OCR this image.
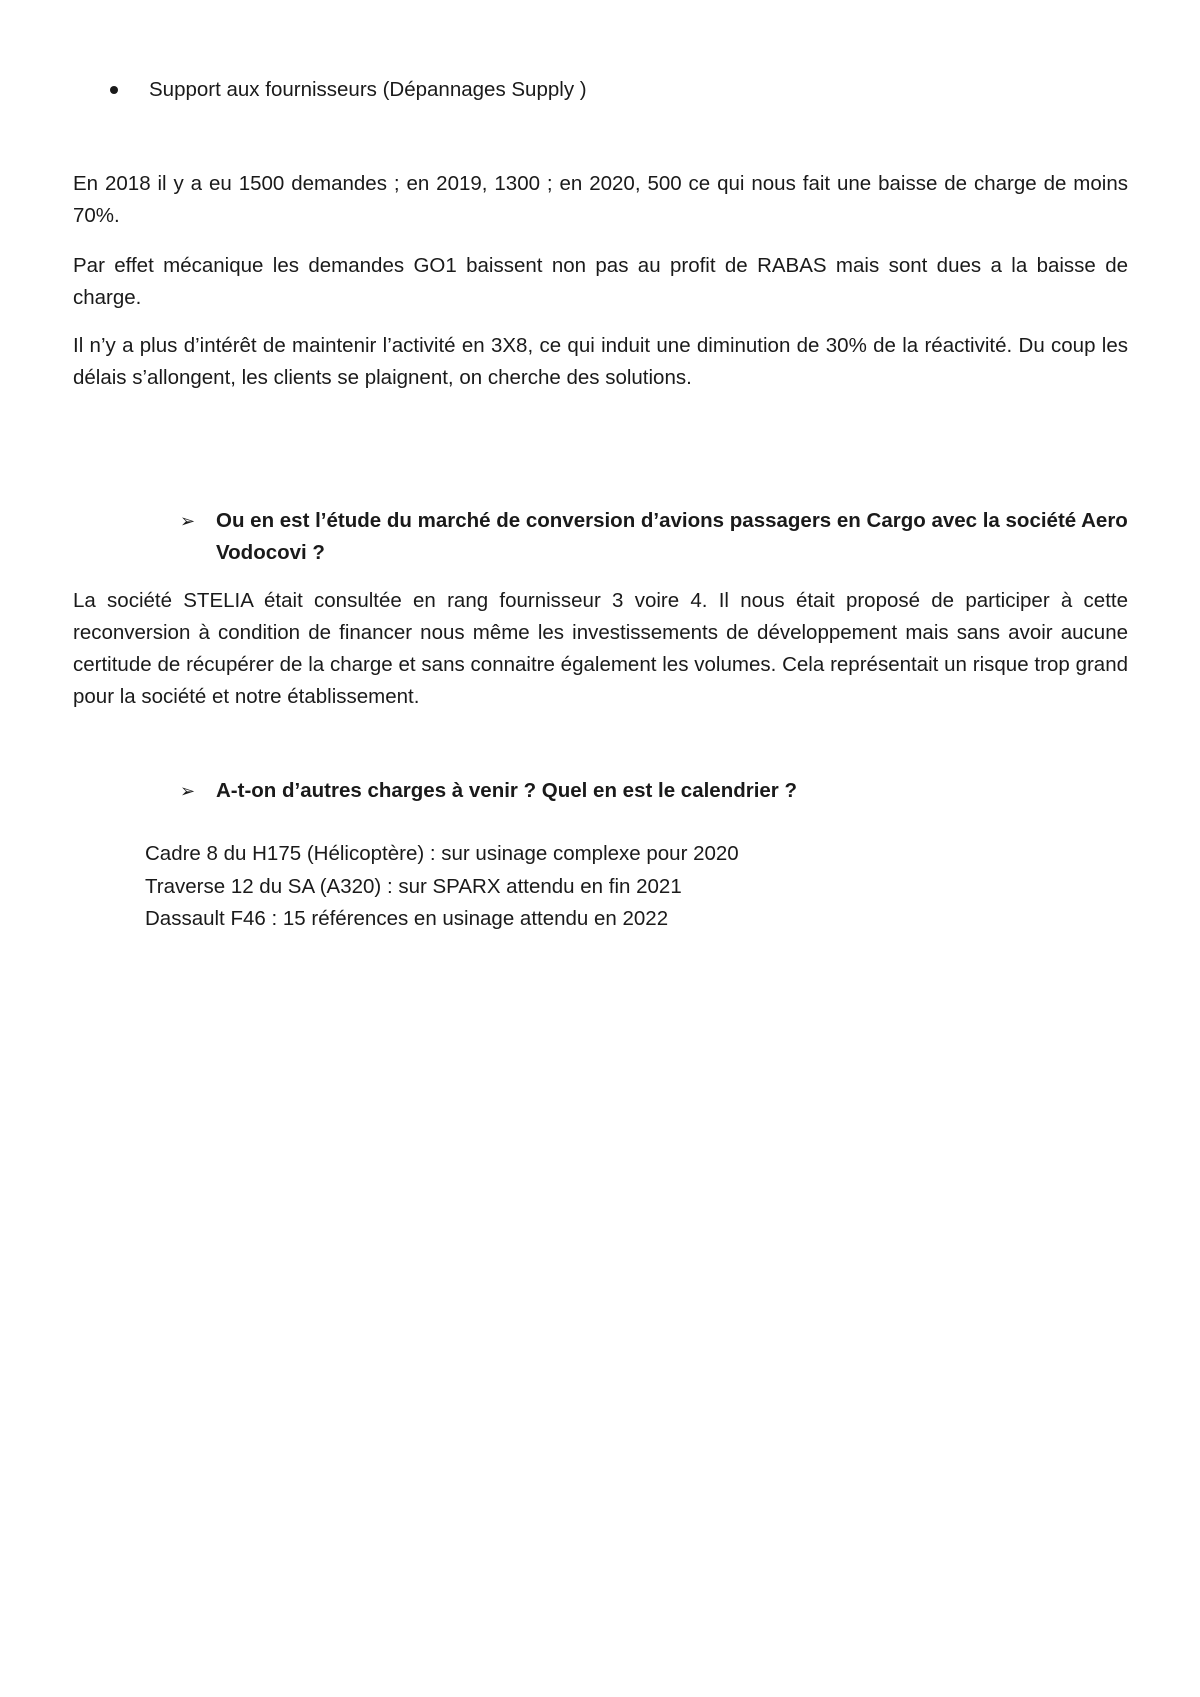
Support aux fournisseurs (Dépannages Supply )

En 2018 il y a eu 1500 demandes ; en 2019, 1300 ; en 2020, 500 ce qui nous fait une baisse de charge de moins 70%.

Par effet mécanique les demandes GO1 baissent non pas au profit de RABAS mais sont dues a la baisse de charge.

Il n’y a plus d’intérêt de maintenir l’activité en 3X8, ce qui induit une diminution de 30% de la réactivité. Du coup les délais s’allongent, les clients se plaignent, on cherche des solutions.

➢	Ou en est l’étude du marché de conversion d’avions passagers en Cargo avec la société Aero Vodocovi ?

La société STELIA était consultée en rang fournisseur 3 voire 4. Il nous était proposé de participer à cette reconversion à condition de financer nous même les investissements de développement mais sans avoir aucune certitude de récupérer de la charge et sans connaitre également les volumes. Cela représentait un risque trop grand pour la société et notre établissement.

➢	A-t-on d’autres charges à venir ? Quel en est le calendrier ?
Cadre 8 du H175 (Hélicoptère) : sur usinage complexe pour 2020
Traverse 12 du SA (A320) : sur SPARX attendu en fin 2021
Dassault F46 : 15 références en usinage attendu en 2022
